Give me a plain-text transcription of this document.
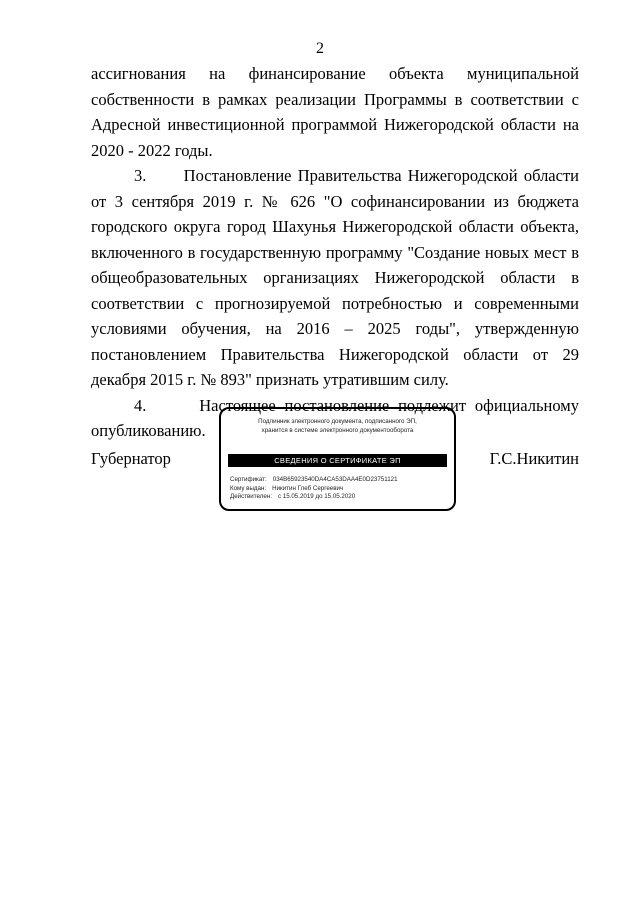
2

ассигнования на финансирование объекта муниципальной собственности в рамках реализации Программы в соответствии с Адресной инвестиционной программой Нижегородской области на 2020 - 2022 годы.

3.      Постановление Правительства Нижегородской области от 3 сентября 2019 г. № 626 "О софинансировании из бюджета городского округа город Шахунья Нижегородской области объекта, включенного в государственную программу "Создание новых мест в общеобразовательных организациях Нижегородской области в соответствии с прогнозируемой потребностью и современными условиями обучения, на 2016 – 2025 годы", утвержденную постановлением Правительства Нижегородской области от 29 декабря 2015 г. № 893" признать утратившим силу.

4.      Настоящее постановление подлежит официальному опубликованию.

Губернатор	Г.С.Никитин
Подлинник электронного документа, подписанного ЭП,
хранится в системе электронного документооборота
СВЕДЕНИЯ О СЕРТИФИКАТЕ ЭП
Сертификат: 034B65923540DA4CA53DAA4E0D23751121
Кому выдан: Никитин Глеб Сергеевич
Действителен: с 15.05.2019 до 15.05.2020
